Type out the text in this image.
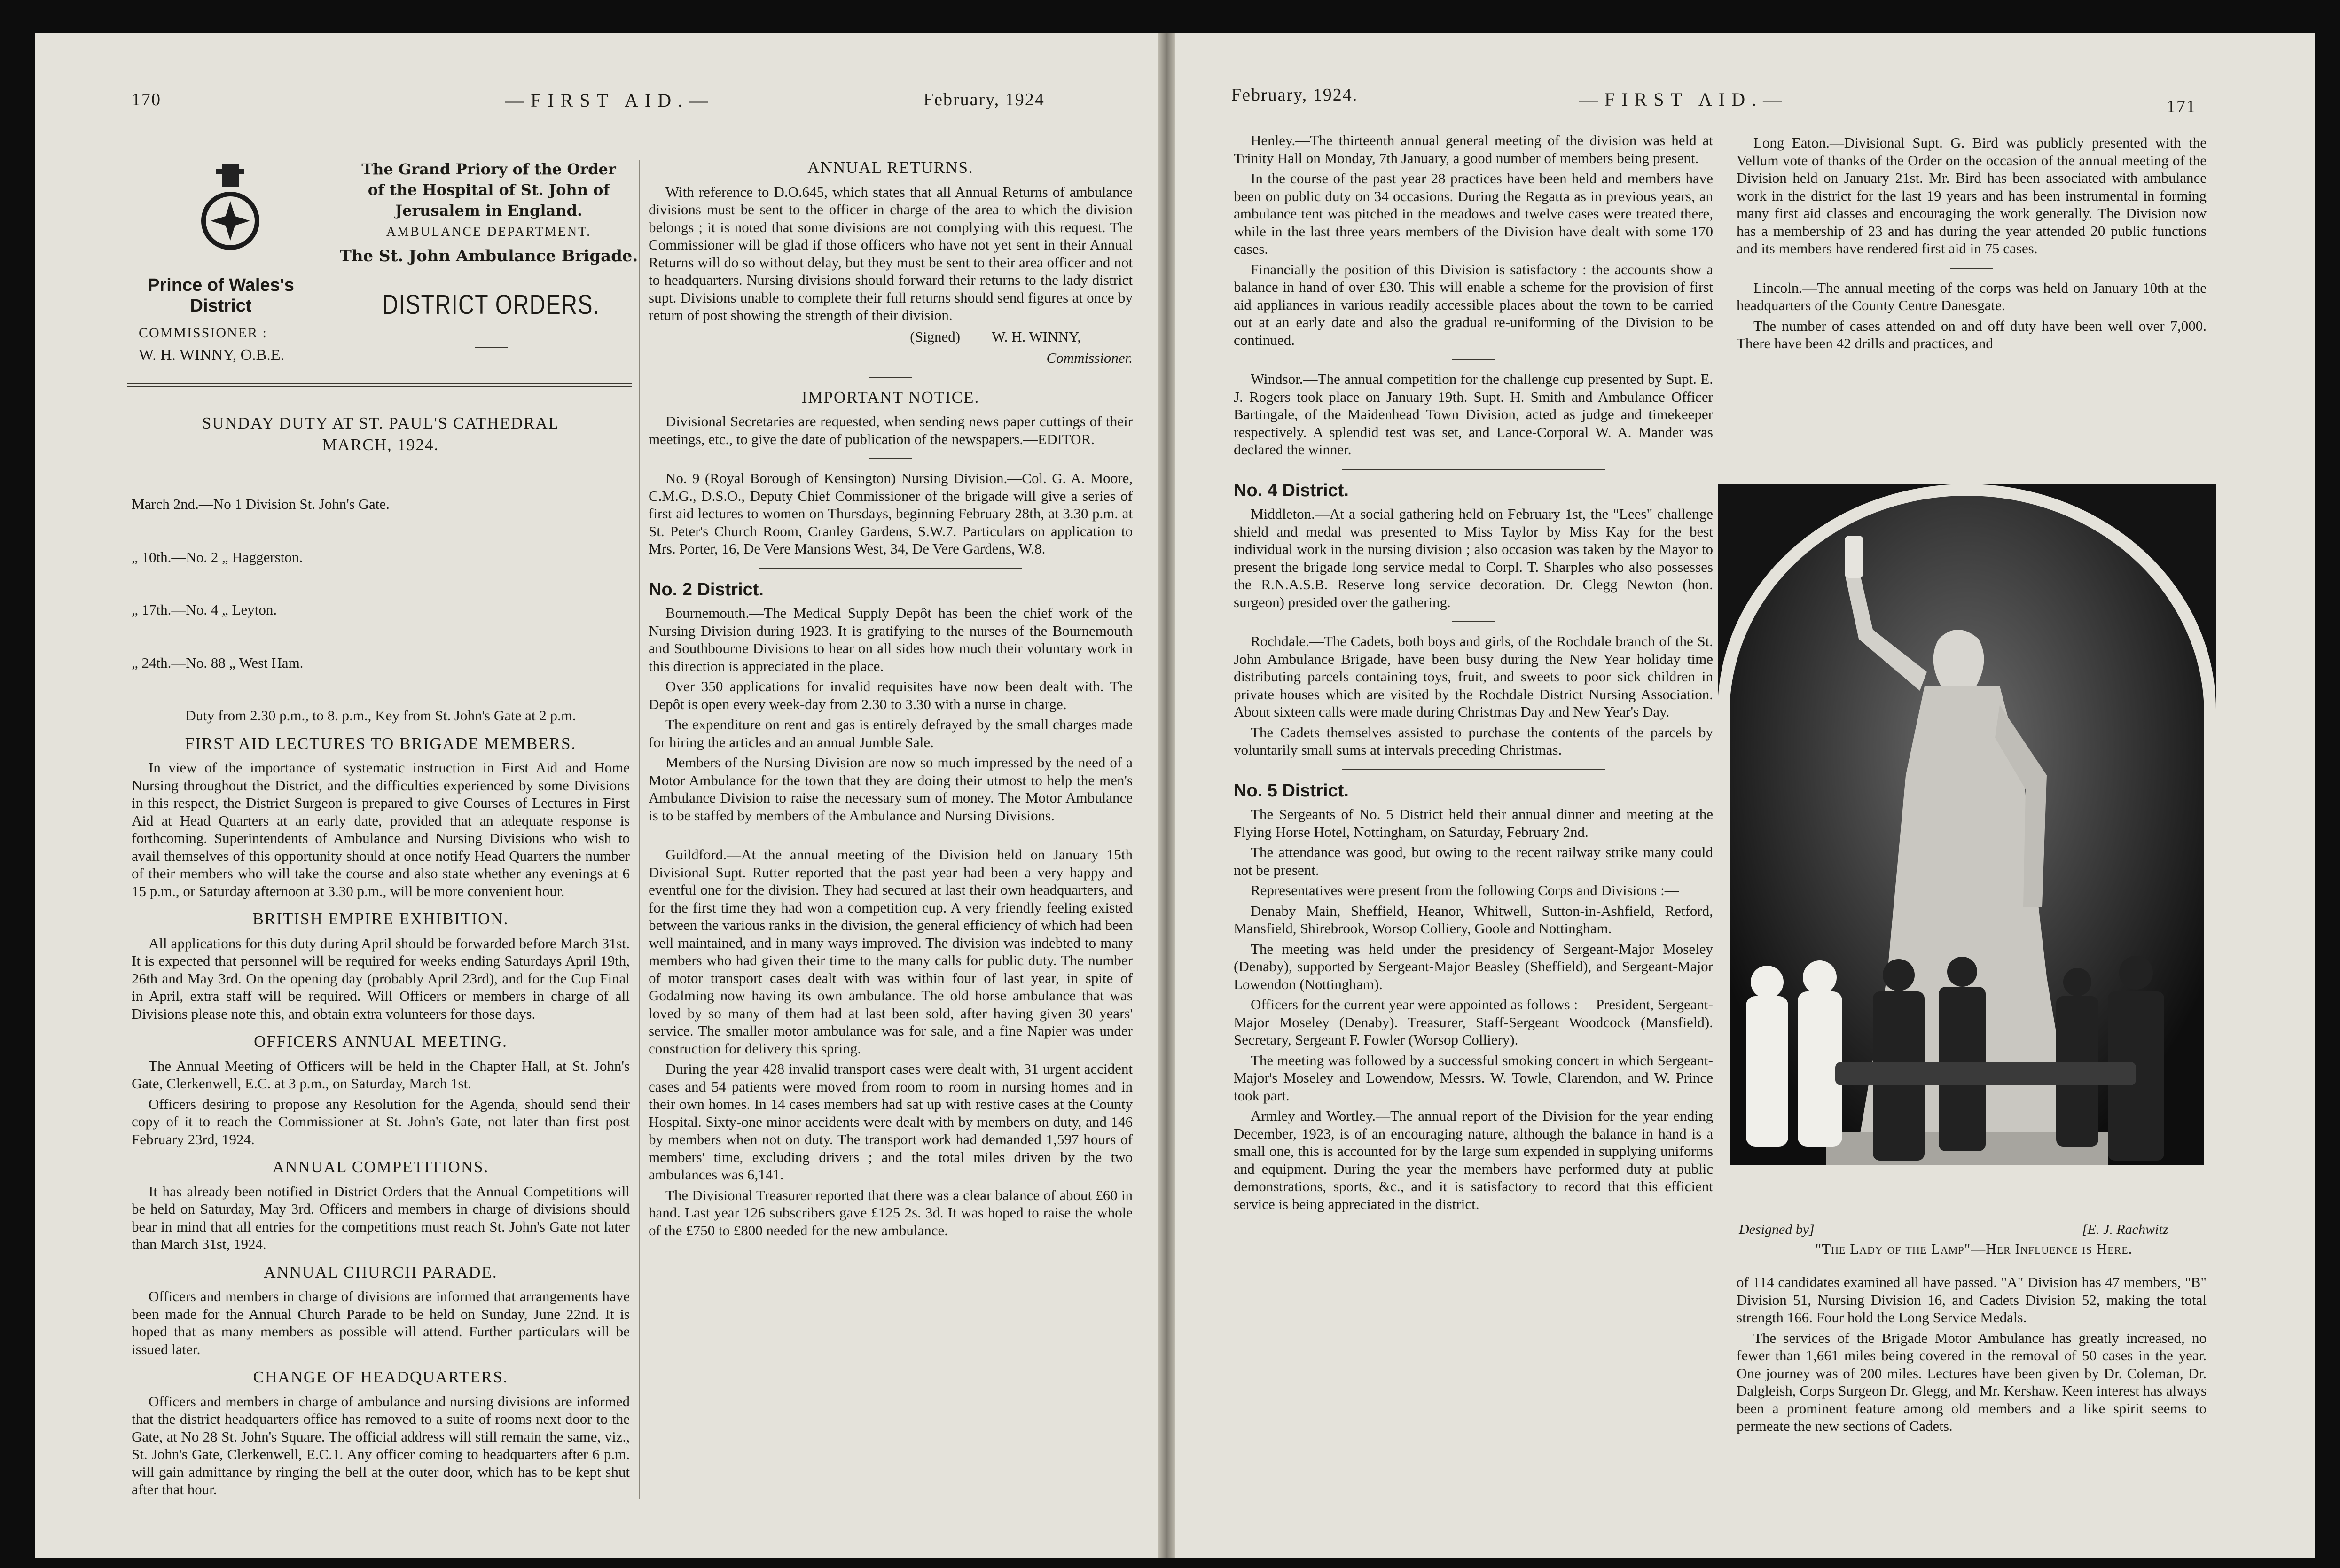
170	—FIRST AID.—	February, 1924
The Grand Priory of the Order
of the Hospital of St. John of
Jerusalem in England.
AMBULANCE DEPARTMENT.
The St. John Ambulance Brigade.
Prince of Wales's District	DISTRICT ORDERS.
COMMISSIONER :
W. H. WINNY, O.B.E.
SUNDAY DUTY AT ST. PAUL'S CATHEDRAL
MARCH, 1924.

March 2nd.—No 1 Division St. John's Gate.

„ 10th.—No. 2 „ Haggerston.

„ 17th.—No. 4 „ Leyton.

„ 24th.—No. 88 „ West Ham.

Duty from 2.30 p.m., to 8. p.m., Key from St. John's Gate at 2 p.m.

FIRST AID LECTURES TO BRIGADE MEMBERS.

In view of the importance of systematic instruction in First Aid and Home Nursing throughout the District, and the difficulties experienced by some Divisions in this respect, the District Surgeon is prepared to give Courses of Lectures in First Aid at Head Quarters at an early date, provided that an adequate response is forthcoming. Superintendents of Ambulance and Nursing Divisions who wish to avail themselves of this opportunity should at once notify Head Quarters the number of their members who will take the course and also state whether any evenings at 6 15 p.m., or Saturday afternoon at 3.30 p.m., will be more convenient hour.

BRITISH EMPIRE EXHIBITION.

All applications for this duty during April should be forwarded before March 31st. It is expected that personnel will be required for weeks ending Saturdays April 19th, 26th and May 3rd. On the opening day (probably April 23rd), and for the Cup Final in April, extra staff will be required. Will Officers or members in charge of all Divisions please note this, and obtain extra volunteers for those days.

OFFICERS ANNUAL MEETING.

The Annual Meeting of Officers will be held in the Chapter Hall, at St. John's Gate, Clerkenwell, E.C. at 3 p.m., on Saturday, March 1st.

Officers desiring to propose any Resolution for the Agenda, should send their copy of it to reach the Commissioner at St. John's Gate, not later than first post February 23rd, 1924.

ANNUAL COMPETITIONS.

It has already been notified in District Orders that the Annual Competitions will be held on Saturday, May 3rd. Officers and members in charge of divisions should bear in mind that all entries for the competitions must reach St. John's Gate not later than March 31st, 1924.

ANNUAL CHURCH PARADE.

Officers and members in charge of divisions are informed that arrangements have been made for the Annual Church Parade to be held on Sunday, June 22nd. It is hoped that as many members as possible will attend. Further particulars will be issued later.

CHANGE OF HEADQUARTERS.

Officers and members in charge of ambulance and nursing divisions are informed that the district headquarters office has removed to a suite of rooms next door to the Gate, at No 28 St. John's Square. The official address will still remain the same, viz., St. John's Gate, Clerkenwell, E.C.1. Any officer coming to headquarters after 6 p.m. will gain admittance by ringing the bell at the outer door, which has to be kept shut after that hour.

ANNUAL RETURNS.

With reference to D.O.645, which states that all Annual Returns of ambulance divisions must be sent to the officer in charge of the area to which the division belongs ; it is noted that some divisions are not complying with this request. The Commissioner will be glad if those officers who have not yet sent in their Annual Returns will do so without delay, but they must be sent to their area officer and not to headquarters. Nursing divisions should forward their returns to the lady district supt. Divisions unable to complete their full returns should send figures at once by return of post showing the strength of their division.

(Signed) W. H. WINNY,
Commissioner.
IMPORTANT NOTICE.

Divisional Secretaries are requested, when sending news paper cuttings of their meetings, etc., to give the date of publication of the newspapers.—EDITOR.

No. 9 (Royal Borough of Kensington) Nursing Division.—Col. G. A. Moore, C.M.G., D.S.O., Deputy Chief Commissioner of the brigade will give a series of first aid lectures to women on Thursdays, beginning February 28th, at 3.30 p.m. at St. Peter's Church Room, Cranley Gardens, S.W.7. Particulars on application to Mrs. Porter, 16, De Vere Mansions West, 34, De Vere Gardens, W.8.

No. 2 District.

Bournemouth.—The Medical Supply Depôt has been the chief work of the Nursing Division during 1923. It is gratifying to the nurses of the Bournemouth and Southbourne Divisions to hear on all sides how much their voluntary work in this direction is appreciated in the place.

Over 350 applications for invalid requisites have now been dealt with. The Depôt is open every week-day from 2.30 to 3.30 with a nurse in charge.

The expenditure on rent and gas is entirely defrayed by the small charges made for hiring the articles and an annual Jumble Sale.

Members of the Nursing Division are now so much impressed by the need of a Motor Ambulance for the town that they are doing their utmost to help the men's Ambulance Division to raise the necessary sum of money. The Motor Ambulance is to be staffed by members of the Ambulance and Nursing Divisions.

Guildford.—At the annual meeting of the Division held on January 15th Divisional Supt. Rutter reported that the past year had been a very happy and eventful one for the division. They had secured at last their own headquarters, and for the first time they had won a competition cup. A very friendly feeling existed between the various ranks in the division, the general efficiency of which had been well maintained, and in many ways improved. The division was indebted to many members who had given their time to the many calls for public duty. The number of motor transport cases dealt with was within four of last year, in spite of Godalming now having its own ambulance. The old horse ambulance that was loved by so many of them had at last been sold, after having given 30 years' service. The smaller motor ambulance was for sale, and a fine Napier was under construction for delivery this spring.

During the year 428 invalid transport cases were dealt with, 31 urgent accident cases and 54 patients were moved from room to room in nursing homes and in their own homes. In 14 cases members had sat up with restive cases at the County Hospital. Sixty-one minor accidents were dealt with by members on duty, and 146 by members when not on duty. The transport work had demanded 1,597 hours of members' time, excluding drivers ; and the total miles driven by the two ambulances was 6,141.

The Divisional Treasurer reported that there was a clear balance of about £60 in hand. Last year 126 subscribers gave £125 2s. 3d. It was hoped to raise the whole of the £750 to £800 needed for the new ambulance.

February, 1924.	—FIRST AID.—	171

Henley.—The thirteenth annual general meeting of the division was held at Trinity Hall on Monday, 7th January, a good number of members being present.

In the course of the past year 28 practices have been held and members have been on public duty on 34 occasions. During the Regatta as in previous years, an ambulance tent was pitched in the meadows and twelve cases were treated there, while in the last three years members of the Division have dealt with some 170 cases.

Financially the position of this Division is satisfactory : the accounts show a balance in hand of over £30. This will enable a scheme for the provision of first aid appliances in various readily accessible places about the town to be carried out at an early date and also the gradual re-uniforming of the Division to be continued.

Windsor.—The annual competition for the challenge cup presented by Supt. E. J. Rogers took place on January 19th. Supt. H. Smith and Ambulance Officer Bartingale, of the Maidenhead Town Division, acted as judge and timekeeper respectively. A splendid test was set, and Lance-Corporal W. A. Mander was declared the winner.

No. 4 District.

Middleton.—At a social gathering held on February 1st, the "Lees" challenge shield and medal was presented to Miss Taylor by Miss Kay for the best individual work in the nursing division ; also occasion was taken by the Mayor to present the brigade long service medal to Corpl. T. Sharples who also possesses the R.N.A.S.B. Reserve long service decoration. Dr. Clegg Newton (hon. surgeon) presided over the gathering.

Rochdale.—The Cadets, both boys and girls, of the Rochdale branch of the St. John Ambulance Brigade, have been busy during the New Year holiday time distributing parcels containing toys, fruit, and sweets to poor sick children in private houses which are visited by the Rochdale District Nursing Association. About sixteen calls were made during Christmas Day and New Year's Day.

The Cadets themselves assisted to purchase the contents of the parcels by voluntarily small sums at intervals preceding Christmas.

No. 5 District.

The Sergeants of No. 5 District held their annual dinner and meeting at the Flying Horse Hotel, Nottingham, on Saturday, February 2nd.

The attendance was good, but owing to the recent railway strike many could not be present.

Representatives were present from the following Corps and Divisions :—

Denaby Main, Sheffield, Heanor, Whitwell, Sutton-in-Ashfield, Retford, Mansfield, Shirebrook, Worsop Colliery, Goole and Nottingham.

The meeting was held under the presidency of Sergeant-Major Moseley (Denaby), supported by Sergeant-Major Beasley (Sheffield), and Sergeant-Major Lowendon (Nottingham).

Officers for the current year were appointed as follows :— President, Sergeant-Major Moseley (Denaby). Treasurer, Staff-Sergeant Woodcock (Mansfield). Secretary, Sergeant F. Fowler (Worsop Colliery).

The meeting was followed by a successful smoking concert in which Sergeant-Major's Moseley and Lowendow, Messrs. W. Towle, Clarendon, and W. Prince took part.

Armley and Wortley.—The annual report of the Division for the year ending December, 1923, is of an encouraging nature, although the balance in hand is a small one, this is accounted for by the large sum expended in supplying uniforms and equipment. During the year the members have performed duty at public demonstrations, sports, &c., and it is satisfactory to record that this efficient service is being appreciated in the district.

Long Eaton.—Divisional Supt. G. Bird was publicly presented with the Vellum vote of thanks of the Order on the occasion of the annual meeting of the Division held on January 21st. Mr. Bird has been associated with ambulance work in the district for the last 19 years and has been instrumental in forming many first aid classes and encouraging the work generally. The Division now has a membership of 23 and has during the year attended 20 public functions and its members have rendered first aid in 75 cases.

Lincoln.—The annual meeting of the corps was held on January 10th at the headquarters of the County Centre Danesgate.

The number of cases attended on and off duty have been well over 7,000. There have been 42 drills and practices, and

Designed by]	[E. J. Rachwitz
"The Lady of the Lamp"—Her Influence is Here.

of 114 candidates examined all have passed. "A" Division has 47 members, "B" Division 51, Nursing Division 16, and Cadets Division 52, making the total strength 166. Four hold the Long Service Medals.

The services of the Brigade Motor Ambulance has greatly increased, no fewer than 1,661 miles being covered in the removal of 50 cases in the year. One journey was of 200 miles. Lectures have been given by Dr. Coleman, Dr. Dalgleish, Corps Surgeon Dr. Glegg, and Mr. Kershaw. Keen interest has always been a prominent feature among old members and a like spirit seems to permeate the new sections of Cadets.
